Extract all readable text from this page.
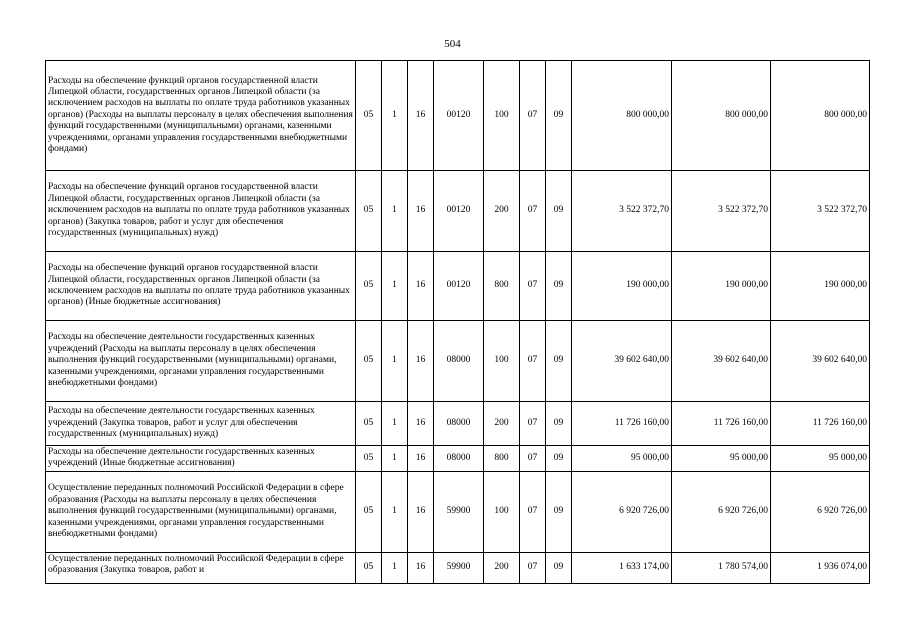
504
Расходы на обеспечение функций органов государственной власти Липецкой области, государственных органов Липецкой области (за исключением расходов на выплаты по оплате труда работников указанных органов) (Расходы на выплаты персоналу в целях обеспечения выполнения функций государственными (муниципальными) органами, казенными учреждениями, органами управления государственными внебюджетными фондами)	05	1	16	00120	100	07	09	800 000,00	800 000,00	800 000,00
Расходы на обеспечение функций органов государственной власти Липецкой области, государственных органов Липецкой области (за исключением расходов на выплаты по оплате труда работников указанных органов) (Закупка товаров, работ и услуг для обеспечения государственных (муниципальных) нужд)	05	1	16	00120	200	07	09	3 522 372,70	3 522 372,70	3 522 372,70
Расходы на обеспечение функций органов государственной власти Липецкой области, государственных органов Липецкой области (за исключением расходов на выплаты по оплате труда работников указанных органов) (Иные бюджетные ассигнования)	05	1	16	00120	800	07	09	190 000,00	190 000,00	190 000,00
Расходы на обеспечение деятельности государственных казенных учреждений (Расходы на выплаты персоналу в целях обеспечения выполнения функций государственными (муниципальными) органами, казенными учреждениями, органами управления государственными внебюджетными фондами)	05	1	16	08000	100	07	09	39 602 640,00	39 602 640,00	39 602 640,00
Расходы на обеспечение деятельности государственных казенных учреждений (Закупка товаров, работ и услуг для обеспечения государственных (муниципальных) нужд)	05	1	16	08000	200	07	09	11 726 160,00	11 726 160,00	11 726 160,00
Расходы на обеспечение деятельности государственных казенных учреждений (Иные бюджетные ассигнования)	05	1	16	08000	800	07	09	95 000,00	95 000,00	95 000,00
Осуществление переданных полномочий Российской Федерации в сфере образования (Расходы на выплаты персоналу в целях обеспечения выполнения функций государственными (муниципальными) органами, казенными учреждениями, органами управления государственными внебюджетными фондами)	05	1	16	59900	100	07	09	6 920 726,00	6 920 726,00	6 920 726,00

Осуществление переданных полномочий Российской Федерации в сфере образования (Закупка товаров, работ и	05	1	16	59900	200	07	09	1 633 174,00	1 780 574,00	1 936 074,00
